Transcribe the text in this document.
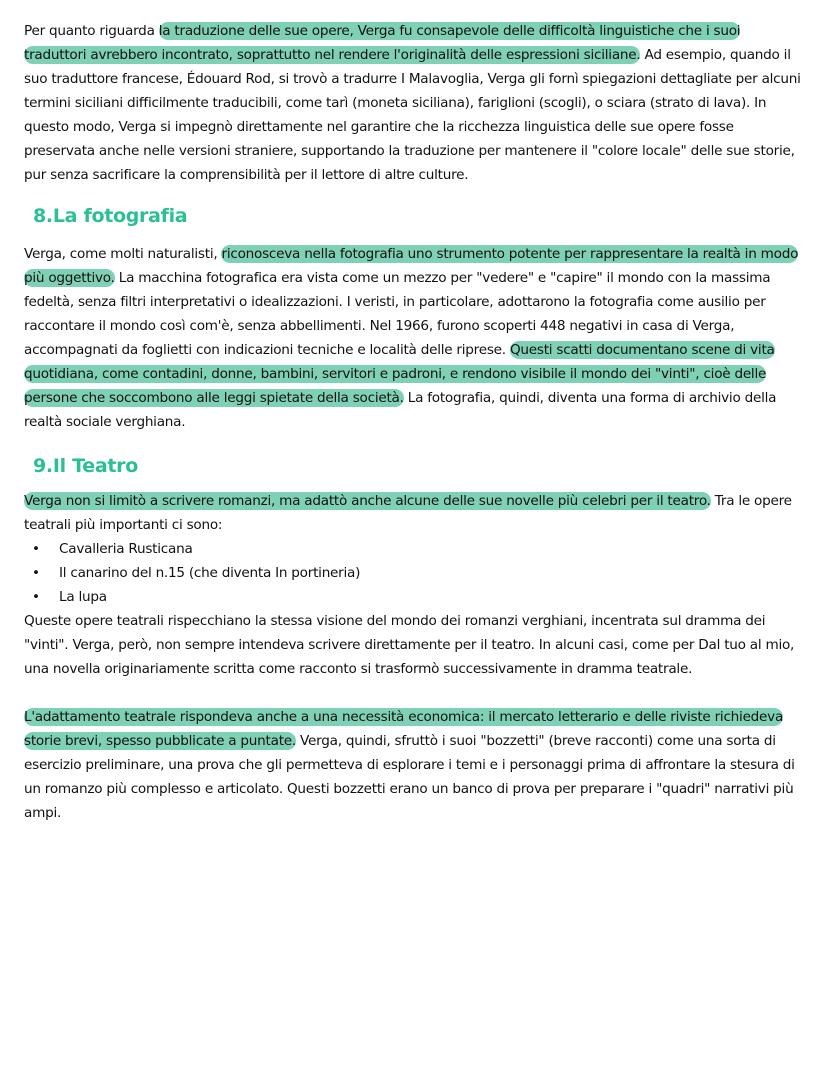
Per quanto riguarda la traduzione delle sue opere, Verga fu consapevole delle difficoltà linguistiche che i suoi traduttori avrebbero incontrato, soprattutto nel rendere l'originalità delle espressioni siciliane. Ad esempio, quando il suo traduttore francese, Édouard Rod, si trovò a tradurre I Malavoglia, Verga gli fornì spiegazioni dettagliate per alcuni termini siciliani difficilmente traducibili, come tarì (moneta siciliana), fariglioni (scogli), o sciara (strato di lava). In questo modo, Verga si impegnò direttamente nel garantire che la ricchezza linguistica delle sue opere fosse preservata anche nelle versioni straniere, supportando la traduzione per mantenere il "colore locale" delle sue storie, pur senza sacrificare la comprensibilità per il lettore di altre culture.

8.La fotografia

Verga, come molti naturalisti, riconosceva nella fotografia uno strumento potente per rappresentare la realtà in modo più oggettivo. La macchina fotografica era vista come un mezzo per "vedere" e "capire" il mondo con la massima fedeltà, senza filtri interpretativi o idealizzazioni. I veristi, in particolare, adottarono la fotografia come ausilio per raccontare il mondo così com'è, senza abbellimenti. Nel 1966, furono scoperti 448 negativi in casa di Verga, accompagnati da foglietti con indicazioni tecniche e località delle riprese. Questi scatti documentano scene di vita quotidiana, come contadini, donne, bambini, servitori e padroni, e rendono visibile il mondo dei "vinti", cioè delle persone che soccombono alle leggi spietate della società. La fotografia, quindi, diventa una forma di archivio della realtà sociale verghiana.

9.Il Teatro

Verga non si limitò a scrivere romanzi, ma adattò anche alcune delle sue novelle più celebri per il teatro. Tra le opere teatrali più importanti ci sono:

• Cavalleria Rusticana
• Il canarino del n.15 (che diventa In portineria)
• La lupa

Queste opere teatrali rispecchiano la stessa visione del mondo dei romanzi verghiani, incentrata sul dramma dei "vinti". Verga, però, non sempre intendeva scrivere direttamente per il teatro. In alcuni casi, come per Dal tuo al mio, una novella originariamente scritta come racconto si trasformò successivamente in dramma teatrale.

L'adattamento teatrale rispondeva anche a una necessità economica: il mercato letterario e delle riviste richiedeva storie brevi, spesso pubblicate a puntate. Verga, quindi, sfruttò i suoi "bozzetti" (breve racconti) come una sorta di esercizio preliminare, una prova che gli permetteva di esplorare i temi e i personaggi prima di affrontare la stesura di un romanzo più complesso e articolato. Questi bozzetti erano un banco di prova per preparare i "quadri" narrativi più ampi.
